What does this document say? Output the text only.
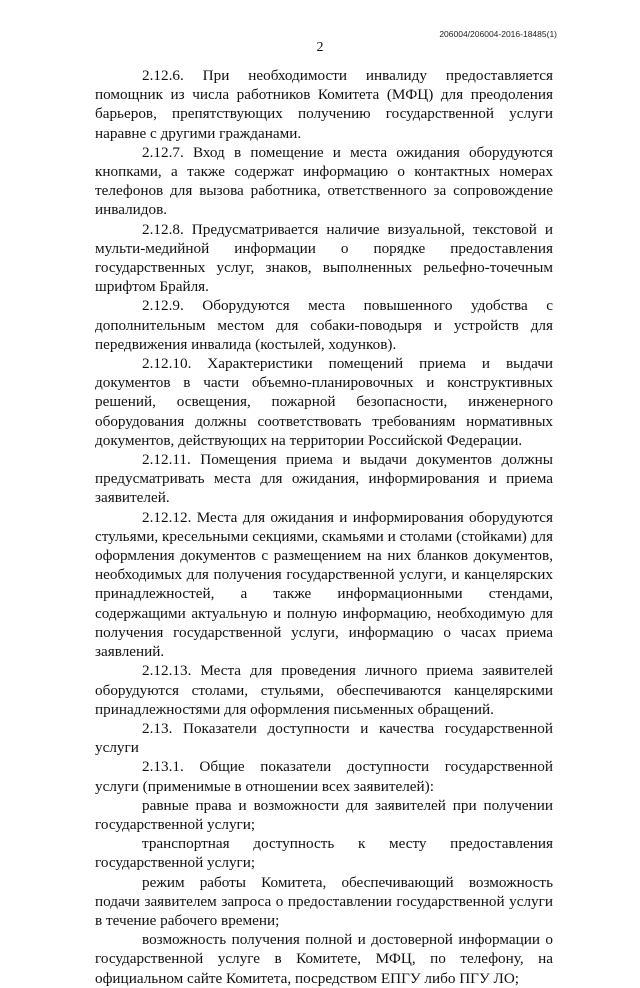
206004/206004-2016-18485(1)
2

2.12.6. При необходимости инвалиду предоставляется помощник из числа работников Комитета (МФЦ) для преодоления барьеров, препятствующих получению государственной услуги наравне с другими гражданами.

2.12.7. Вход в помещение и места ожидания оборудуются кнопками, а также содержат информацию о контактных номерах телефонов для вызова работника, ответственного за сопровождение инвалидов.

2.12.8. Предусматривается наличие визуальной, текстовой и мульти-медийной информации о порядке предоставления государственных услуг, знаков, выполненных рельефно-точечным шрифтом Брайля.

2.12.9. Оборудуются места повышенного удобства с дополнительным местом для собаки-поводыря и устройств для передвижения инвалида (костылей, ходунков).

2.12.10. Характеристики помещений приема и выдачи документов в части объемно-планировочных и конструктивных решений, освещения, пожарной безопасности, инженерного оборудования должны соответствовать требованиям нормативных документов, действующих на территории Российской Федерации.

2.12.11. Помещения приема и выдачи документов должны предусматривать места для ожидания, информирования и приема заявителей.

2.12.12. Места для ожидания и информирования оборудуются стульями, кресельными секциями, скамьями и столами (стойками) для оформления документов с размещением на них бланков документов, необходимых для получения государственной услуги, и канцелярских принадлежностей, а также информационными стендами, содержащими актуальную и полную информацию, необходимую для получения государственной услуги, информацию о часах приема заявлений.

2.12.13. Места для проведения личного приема заявителей оборудуются столами, стульями, обеспечиваются канцелярскими принадлежностями для оформления письменных обращений.

2.13. Показатели доступности и качества государственной услуги

2.13.1. Общие показатели доступности государственной услуги (применимые в отношении всех заявителей):

равные права и возможности для заявителей при получении государственной услуги;

транспортная доступность к месту предоставления государственной услуги;

режим работы Комитета, обеспечивающий возможность подачи заявителем запроса о предоставлении государственной услуги в течение рабочего времени;

возможность получения полной и достоверной информации о государственной услуге в Комитете, МФЦ, по телефону, на официальном сайте Комитета, посредством ЕПГУ либо ПГУ ЛО;
